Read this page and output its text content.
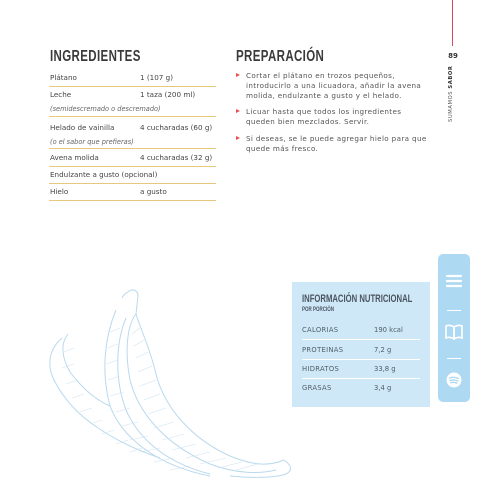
INGREDIENTES
Plátano	1 (107 g)
Leche	1 taza (200 ml)
(semidescremado o descremado)
Helado de vainilla	4 cucharadas (60 g)
(o el sabor que prefieras)
Avena molida	4 cucharadas (32 g)
Endulzante a gusto (opcional)
Hielo	a gusto
PREPARACIÓN
Cortar el plátano en trozos pequeños, introducirlo a una licuadora, añadir la avena molida, endulzante a gusto y el helado.
Licuar hasta que todos los ingredientes queden bien mezclados. Servir.
Si deseas, se le puede agregar hielo para que quede más fresco.
89
SUMAMOS SABOR
INFORMACIÓN NUTRICIONAL
POR PORCIÓN
CALORIAS	190 kcal
PROTEINAS	7,2 g
HIDRATOS	33,8 g
GRASAS	3,4 g
